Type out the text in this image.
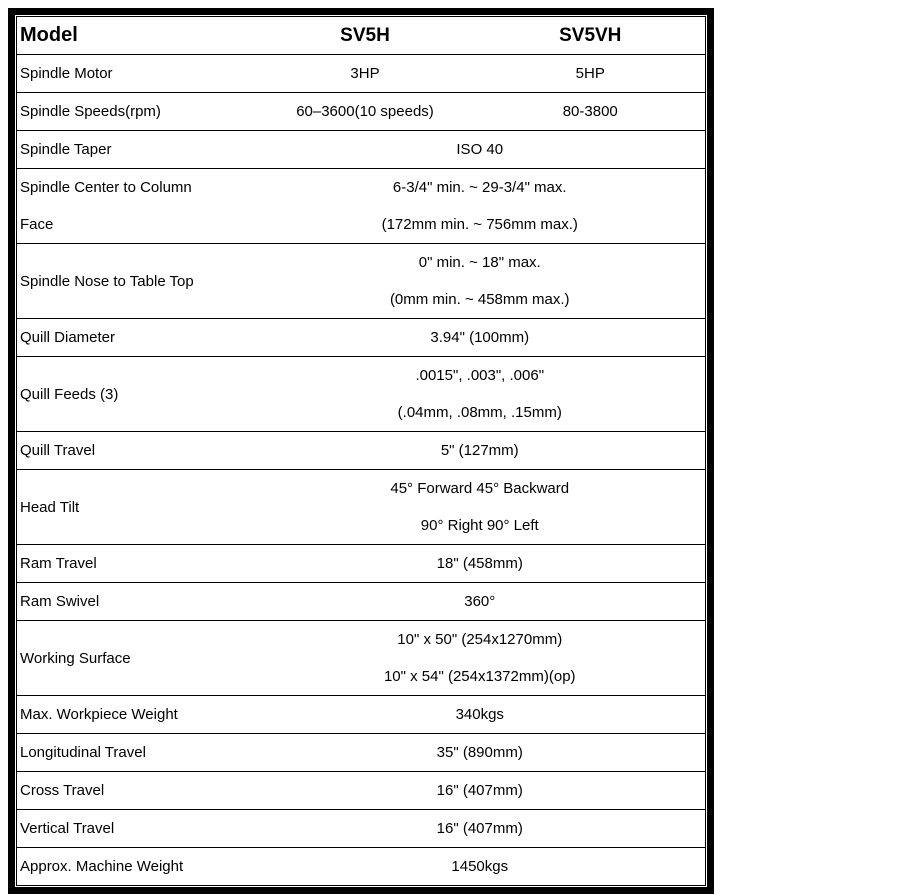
Model	SV5H	SV5VH
Spindle Motor	3HP	5HP

Spindle Speeds(rpm)	60–3600(10 speeds)	80-3800

Spindle Taper	ISO 40	

Spindle Center to Column Face	6-3/4" min. ~ 29-3/4" max.
(172mm min. ~ 756mm max.)	

Spindle Nose to Table Top	0" min. ~ 18" max.
(0mm min. ~ 458mm max.)	

Quill Diameter	3.94" (100mm)	

Quill Feeds (3)	.0015", .003", .006"
(.04mm, .08mm, .15mm)	

Quill Travel	5" (127mm)	

Head Tilt	45° Forward 45° Backward
90° Right 90° Left	

Ram Travel	18" (458mm)	

Ram Swivel	360°	

Working Surface	10" x 50" (254x1270mm)
10" x 54" (254x1372mm)(op)	

Max. Workpiece Weight	340kgs	

Longitudinal Travel	35" (890mm)	

Cross Travel	16" (407mm)	

Vertical Travel	16" (407mm)	

Approx. Machine Weight	1450kgs	
